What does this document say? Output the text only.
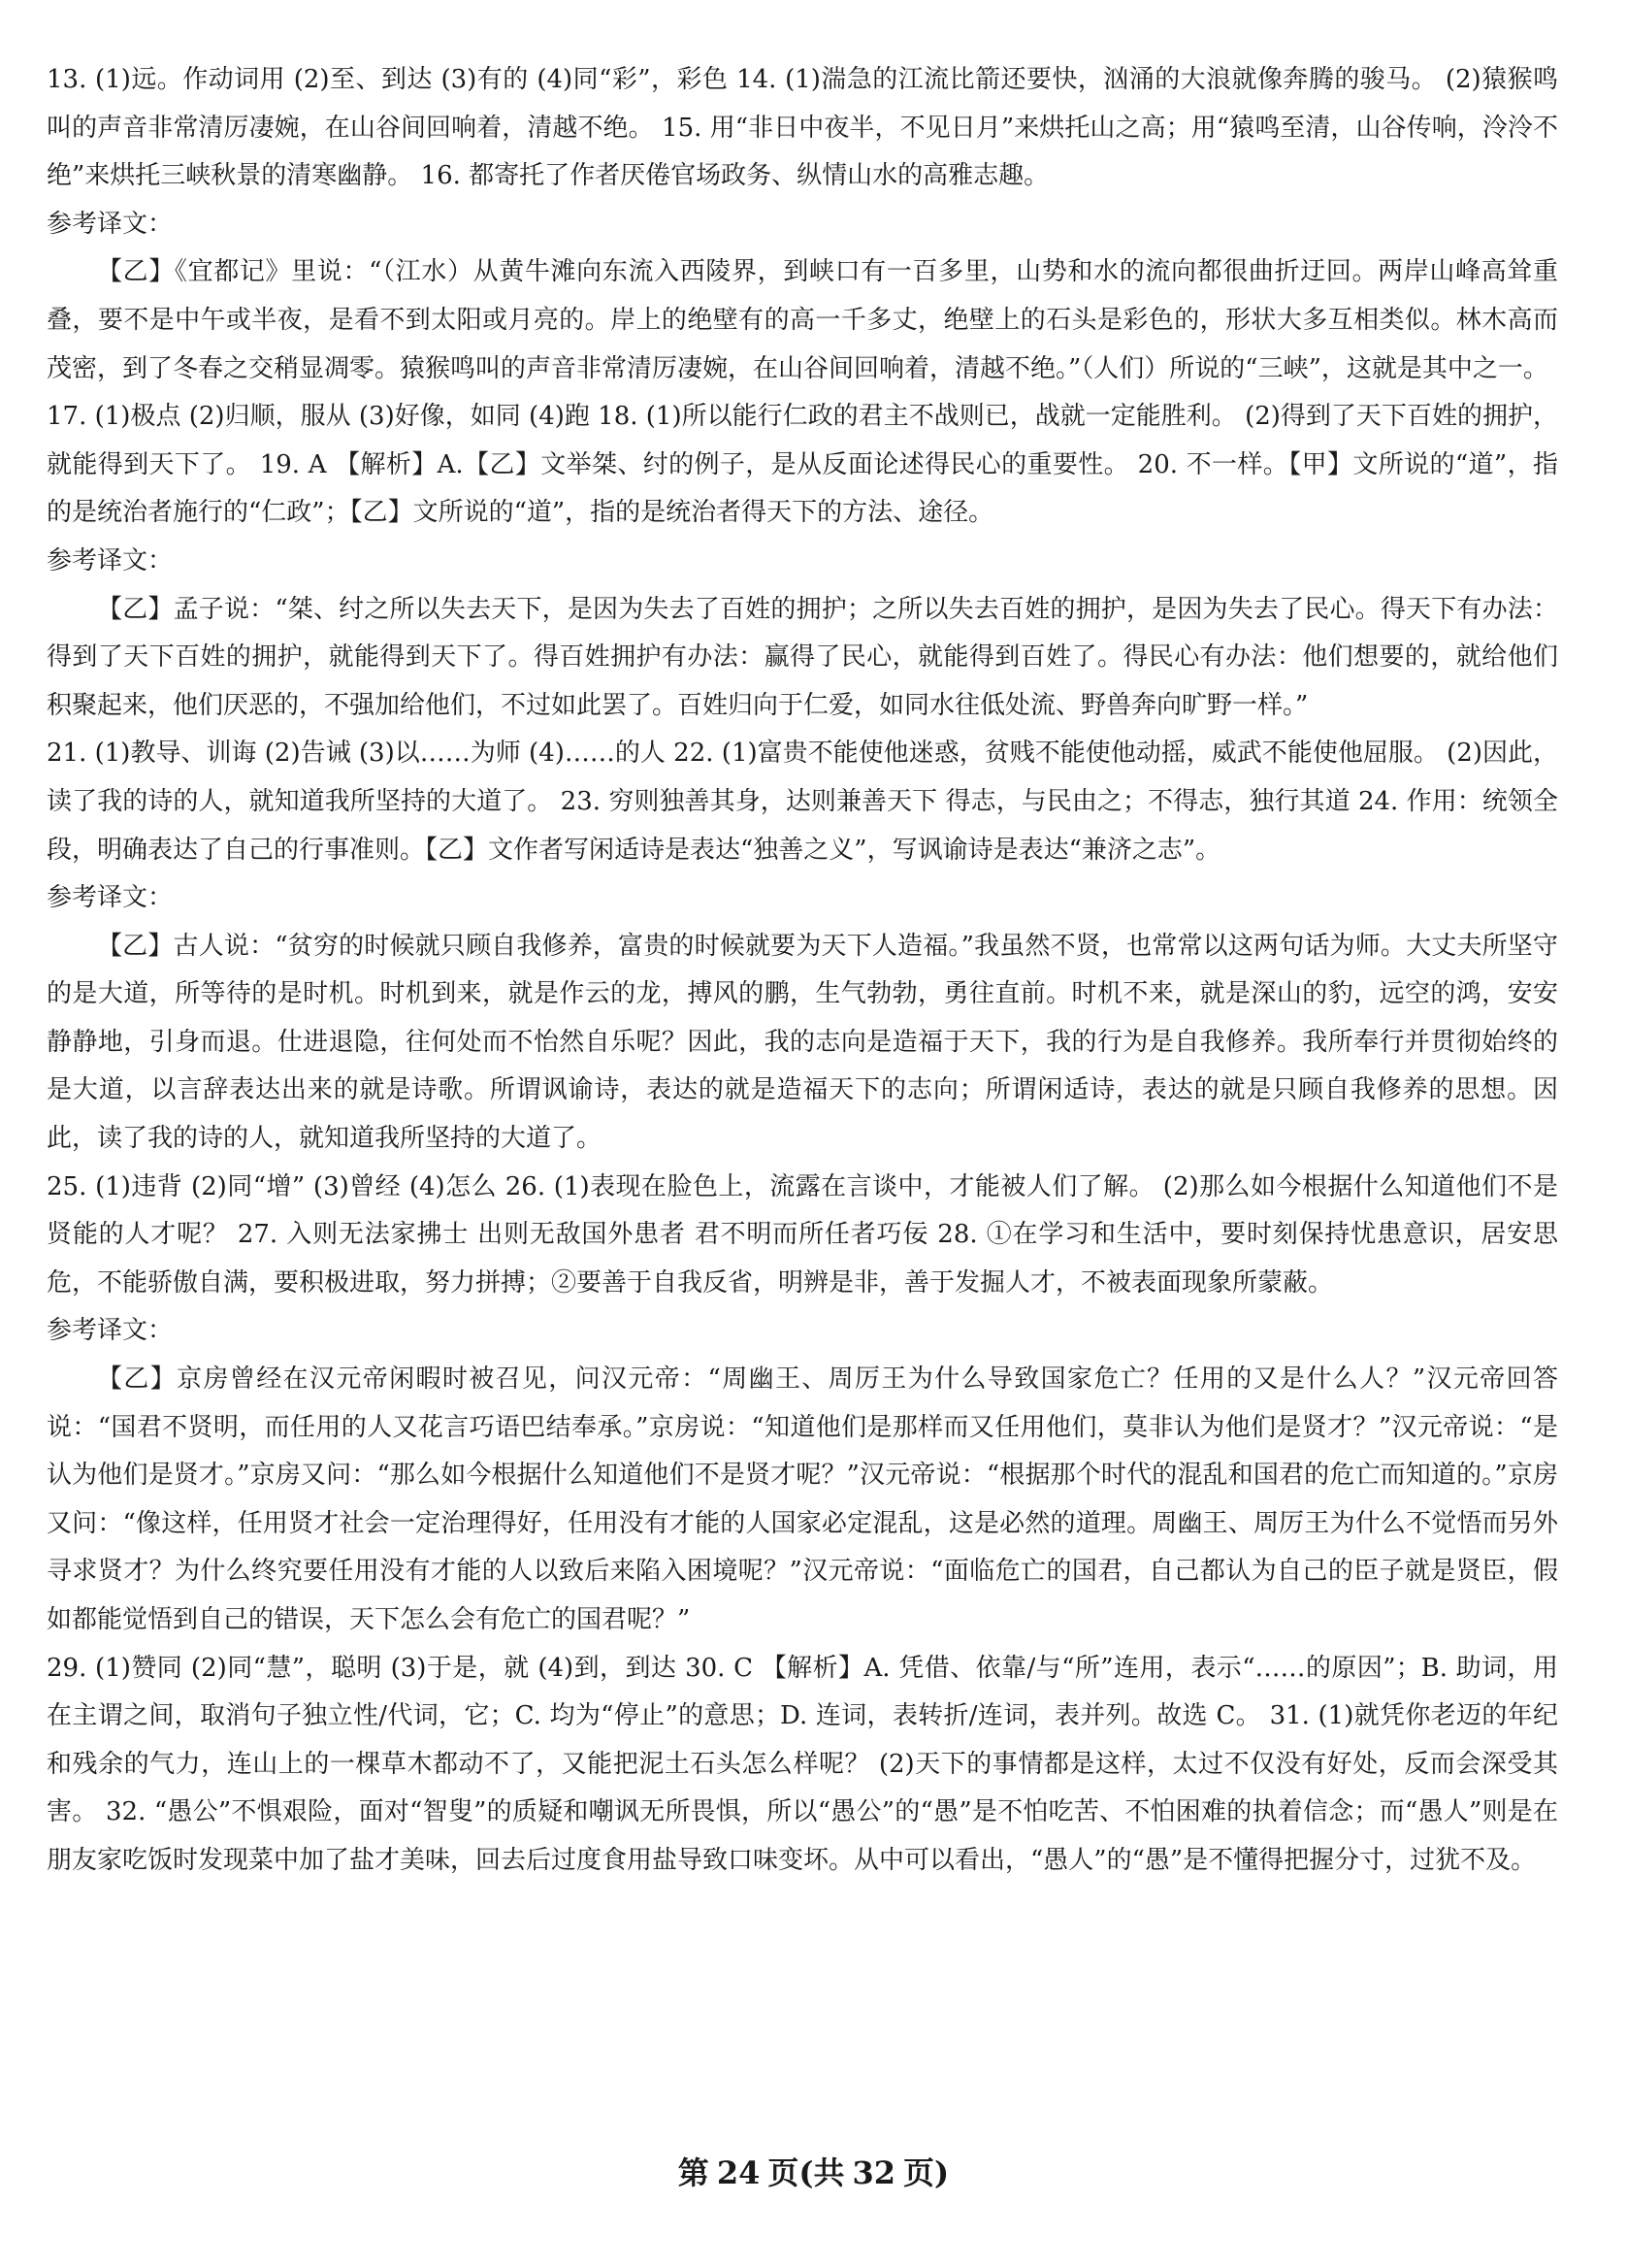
13. (1)远。作动词用 (2)至、到达 (3)有的 (4)同“彩”，彩色 14. (1)湍急的江流比箭还要快，汹涌的大浪就像奔腾的骏马。 (2)猿猴鸣叫的声音非常清厉凄婉，在山谷间回响着，清越不绝。 15. 用“非日中夜半，不见日月”来烘托山之高；用“猿鸣至清，山谷传响，泠泠不绝”来烘托三峡秋景的清寒幽静。 16. 都寄托了作者厌倦官场政务、纵情山水的高雅志趣。

参考译文：

【乙】《宜都记》里说：“（江水）从黄牛滩向东流入西陵界，到峡口有一百多里，山势和水的流向都很曲折迂回。两岸山峰高耸重叠，要不是中午或半夜，是看不到太阳或月亮的。岸上的绝壁有的高一千多丈，绝壁上的石头是彩色的，形状大多互相类似。林木高而茂密，到了冬春之交稍显凋零。猿猴鸣叫的声音非常清厉凄婉，在山谷间回响着，清越不绝。”（人们）所说的“三峡”，这就是其中之一。

17. (1)极点 (2)归顺，服从 (3)好像，如同 (4)跑 18. (1)所以能行仁政的君主不战则已，战就一定能胜利。 (2)得到了天下百姓的拥护，就能得到天下了。 19. A 【解析】A.【乙】文举桀、纣的例子，是从反面论述得民心的重要性。 20. 不一样。【甲】文所说的“道”，指的是统治者施行的“仁政”；【乙】文所说的“道”，指的是统治者得天下的方法、途径。

参考译文：

【乙】孟子说：“桀、纣之所以失去天下，是因为失去了百姓的拥护；之所以失去百姓的拥护，是因为失去了民心。得天下有办法：得到了天下百姓的拥护，就能得到天下了。得百姓拥护有办法：赢得了民心，就能得到百姓了。得民心有办法：他们想要的，就给他们积聚起来，他们厌恶的，不强加给他们，不过如此罢了。百姓归向于仁爱，如同水往低处流、野兽奔向旷野一样。”

21. (1)教导、训诲 (2)告诫 (3)以……为师 (4)……的人 22. (1)富贵不能使他迷惑，贫贱不能使他动摇，威武不能使他屈服。 (2)因此，读了我的诗的人，就知道我所坚持的大道了。 23. 穷则独善其身，达则兼善天下 得志，与民由之；不得志，独行其道 24. 作用：统领全段，明确表达了自己的行事准则。【乙】文作者写闲适诗是表达“独善之义”，写讽谕诗是表达“兼济之志”。

参考译文：

【乙】古人说：“贫穷的时候就只顾自我修养，富贵的时候就要为天下人造福。”我虽然不贤，也常常以这两句话为师。大丈夫所坚守的是大道，所等待的是时机。时机到来，就是作云的龙，搏风的鹏，生气勃勃，勇往直前。时机不来，就是深山的豹，远空的鸿，安安静静地，引身而退。仕进退隐，往何处而不怡然自乐呢？因此，我的志向是造福于天下，我的行为是自我修养。我所奉行并贯彻始终的是大道，以言辞表达出来的就是诗歌。所谓讽谕诗，表达的就是造福天下的志向；所谓闲适诗，表达的就是只顾自我修养的思想。因此，读了我的诗的人，就知道我所坚持的大道了。

25. (1)违背 (2)同“增” (3)曾经 (4)怎么 26. (1)表现在脸色上，流露在言谈中，才能被人们了解。 (2)那么如今根据什么知道他们不是贤能的人才呢？ 27. 入则无法家拂士 出则无敌国外患者 君不明而所任者巧佞 28. ①在学习和生活中，要时刻保持忧患意识，居安思危，不能骄傲自满，要积极进取，努力拼搏；②要善于自我反省，明辨是非，善于发掘人才，不被表面现象所蒙蔽。

参考译文：

【乙】京房曾经在汉元帝闲暇时被召见，问汉元帝：“周幽王、周厉王为什么导致国家危亡？任用的又是什么人？”汉元帝回答说：“国君不贤明，而任用的人又花言巧语巴结奉承。”京房说：“知道他们是那样而又任用他们，莫非认为他们是贤才？”汉元帝说：“是认为他们是贤才。”京房又问：“那么如今根据什么知道他们不是贤才呢？”汉元帝说：“根据那个时代的混乱和国君的危亡而知道的。”京房又问：“像这样，任用贤才社会一定治理得好，任用没有才能的人国家必定混乱，这是必然的道理。周幽王、周厉王为什么不觉悟而另外寻求贤才？为什么终究要任用没有才能的人以致后来陷入困境呢？”汉元帝说：“面临危亡的国君，自己都认为自己的臣子就是贤臣，假如都能觉悟到自己的错误，天下怎么会有危亡的国君呢？”

29. (1)赞同 (2)同“慧”，聪明 (3)于是，就 (4)到，到达 30. C 【解析】A. 凭借、依靠/与“所”连用，表示“……的原因”；B. 助词，用在主谓之间，取消句子独立性/代词，它；C. 均为“停止”的意思；D. 连词，表转折/连词，表并列。故选 C。 31. (1)就凭你老迈的年纪和残余的气力，连山上的一棵草木都动不了，又能把泥土石头怎么样呢？ (2)天下的事情都是这样，太过不仅没有好处，反而会深受其害。 32. “愚公”不惧艰险，面对“智叟”的质疑和嘲讽无所畏惧，所以“愚公”的“愚”是不怕吃苦、不怕困难的执着信念；而“愚人”则是在朋友家吃饭时发现菜中加了盐才美味，回去后过度食用盐导致口味变坏。从中可以看出，“愚人”的“愚”是不懂得把握分寸，过犹不及。

第 24 页(共 32 页)
